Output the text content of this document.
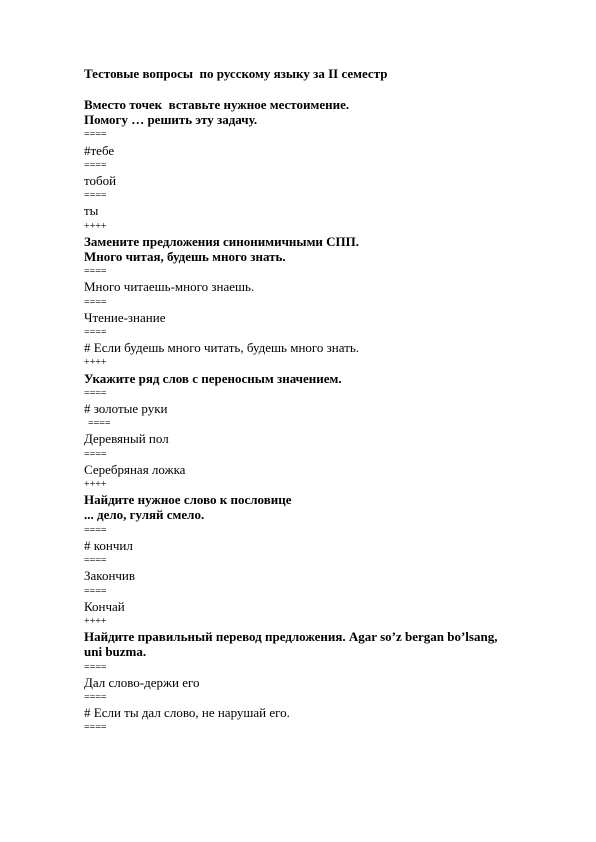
Тестовые вопросы  по русскому языку за II семестр
Вместо точек  вставьте нужное местоимение.
Помогу … решить эту задачу.
====
#тебе
====
тобой
====
ты
++++
Замените предложения синонимичными СПП.
Много читая, будешь много знать.
====
Много читаешь-много знаешь.
====
Чтение-знание
====
# Если будешь много читать, будешь много знать.
++++
Укажите ряд слов с переносным значением.
====
# золотые руки
====
Деревяный пол
====
Серебряная ложка
++++
Найдите нужное слово к пословице
... дело, гуляй смело.
====
# кончил
====
Закончив
====
Кончай
++++
Найдите правильный перевод предложения. Agar so’z bergan bo’lsang,
uni buzma.
====
Дал слово-держи его
====
# Если ты дал слово, не нарушай его.
====
